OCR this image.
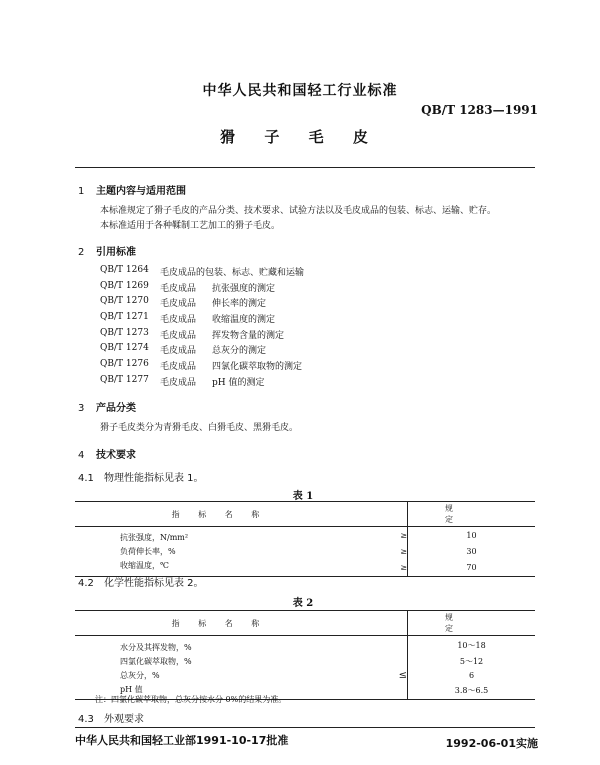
中华人民共和国轻工行业标准
QB/T 1283—1991
猾 子 毛 皮
1 主题内容与适用范围
本标准规定了猾子毛皮的产品分类、技术要求、试验方法以及毛皮成品的包装、标志、运输、贮存。
本标准适用于各种鞣制工艺加工的猾子毛皮。
2 引用标准
QB/T 1264	毛皮成品的包装、标志、贮藏和运输
QB/T 1269	毛皮成品	抗张强度的测定
QB/T 1270	毛皮成品	伸长率的测定
QB/T 1271	毛皮成品	收缩温度的测定
QB/T 1273	毛皮成品	挥发物含量的测定
QB/T 1274	毛皮成品	总灰分的测定
QB/T 1276	毛皮成品	四氯化碳萃取物的测定
QB/T 1277	毛皮成品	pH 值的测定
3 产品分类
猾子毛皮类分为青猾毛皮、白猾毛皮、黑猾毛皮。
4 技术要求
4.1 物理性能指标见表 1。
表 1
指 标 名 称		规 定
抗张强度，N/mm²	≥	10
负荷伸长率，%	≥	30
收缩温度，℃	≥	70
4.2 化学性能指标见表 2。
表 2
指 标 名 称		规 定
水分及其挥发物，%		10～18
四氯化碳萃取物，%		5～12
总灰分，%	≤	6
pH 值		3.8～6.5
注：四氯化碳萃取物，总灰分按水分 0%的结果为准。
4.3 外观要求
中华人民共和国轻工业部1991-10-17批准	1992-06-01实施
